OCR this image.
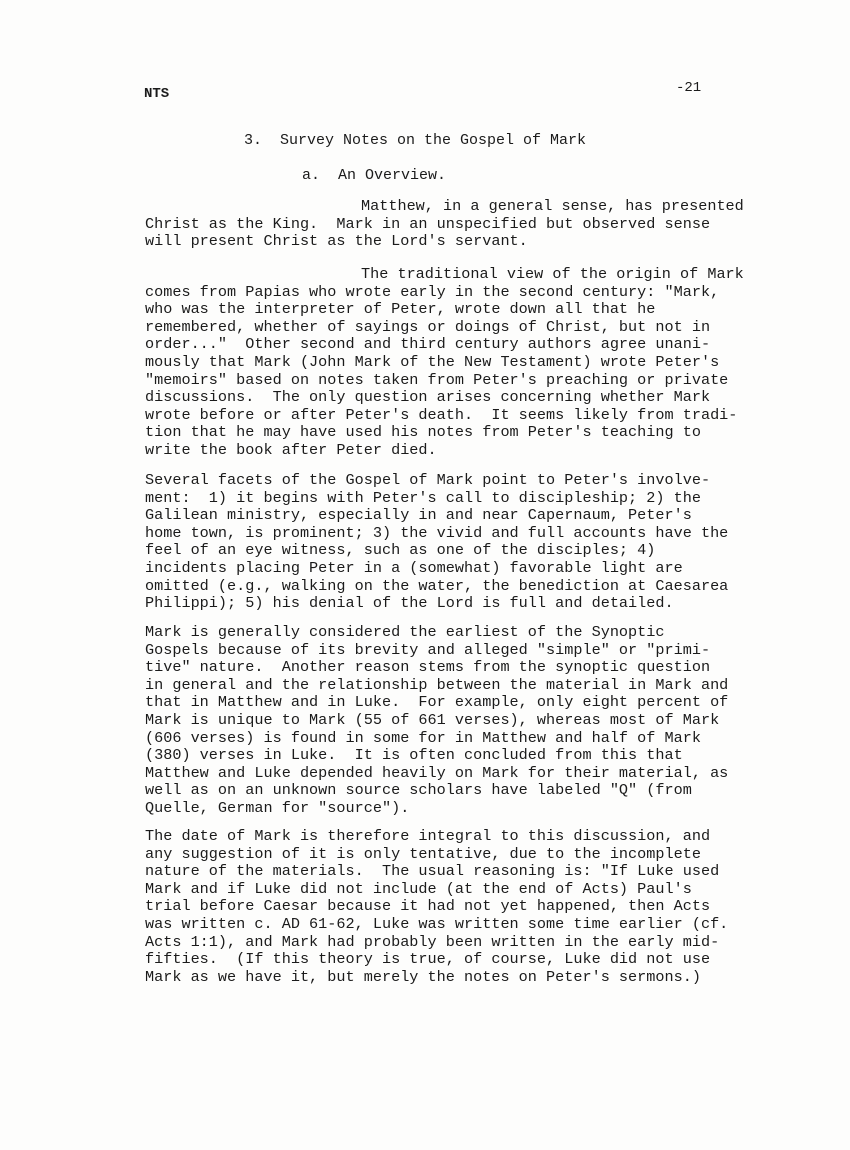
NTS	-21
3.  Survey Notes on the Gospel of Mark
a.  An Overview.
Matthew, in a general sense, has presented
Christ as the King.  Mark in an unspecified but observed sense
will present Christ as the Lord's servant.
The traditional view of the origin of Mark
comes from Papias who wrote early in the second century: "Mark,
who was the interpreter of Peter, wrote down all that he
remembered, whether of sayings or doings of Christ, but not in
order..."  Other second and third century authors agree unani-
mously that Mark (John Mark of the New Testament) wrote Peter's
"memoirs" based on notes taken from Peter's preaching or private
discussions.  The only question arises concerning whether Mark
wrote before or after Peter's death.  It seems likely from tradi-
tion that he may have used his notes from Peter's teaching to
write the book after Peter died.
Several facets of the Gospel of Mark point to Peter's involve-
ment:  1) it begins with Peter's call to discipleship; 2) the
Galilean ministry, especially in and near Capernaum, Peter's
home town, is prominent; 3) the vivid and full accounts have the
feel of an eye witness, such as one of the disciples; 4)
incidents placing Peter in a (somewhat) favorable light are
omitted (e.g., walking on the water, the benediction at Caesarea
Philippi); 5) his denial of the Lord is full and detailed.
Mark is generally considered the earliest of the Synoptic
Gospels because of its brevity and alleged "simple" or "primi-
tive" nature.  Another reason stems from the synoptic question
in general and the relationship between the material in Mark and
that in Matthew and in Luke.  For example, only eight percent of
Mark is unique to Mark (55 of 661 verses), whereas most of Mark
(606 verses) is found in some for in Matthew and half of Mark
(380) verses in Luke.  It is often concluded from this that
Matthew and Luke depended heavily on Mark for their material, as
well as on an unknown source scholars have labeled "Q" (from
Quelle, German for "source").
The date of Mark is therefore integral to this discussion, and
any suggestion of it is only tentative, due to the incomplete
nature of the materials.  The usual reasoning is: "If Luke used
Mark and if Luke did not include (at the end of Acts) Paul's
trial before Caesar because it had not yet happened, then Acts
was written c. AD 61-62, Luke was written some time earlier (cf.
Acts 1:1), and Mark had probably been written in the early mid-
fifties.  (If this theory is true, of course, Luke did not use
Mark as we have it, but merely the notes on Peter's sermons.)
